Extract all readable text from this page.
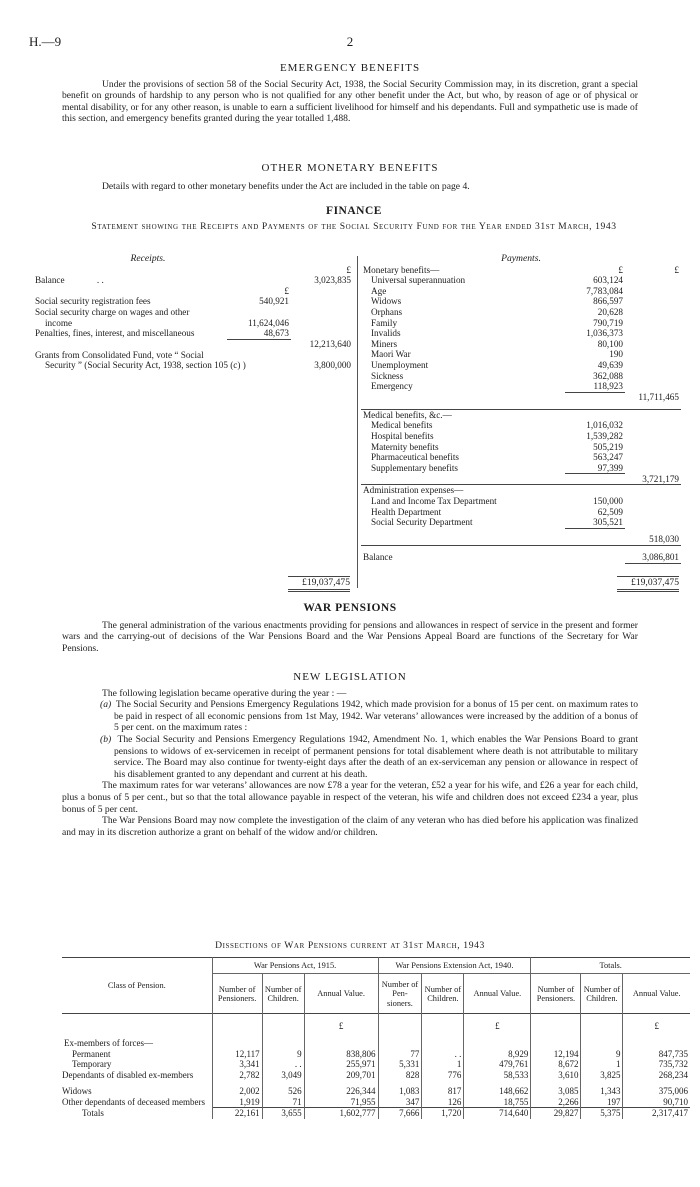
H.—9	2
EMERGENCY BENEFITS

Under the provisions of section 58 of the Social Security Act, 1938, the Social Security Commission may, in its discretion, grant a special benefit on grounds of hardship to any person who is not qualified for any other benefit under the Act, but who, by reason of age or of physical or mental disability, or for any other reason, is unable to earn a sufficient livelihood for himself and his dependants. Full and sympathetic use is made of this section, and emergency benefits granted during the year totalled 1,488.

OTHER MONETARY BENEFITS

Details with regard to other monetary benefits under the Act are included in the table on page 4.

FINANCE
Statement showing the Receipts and Payments of the Social Security Fund for the Year ended 31st March, 1943
Receipts.
		£
Balance . .		3,023,835
	£	
Social security registration fees	540,921	

Social security charge on wages and other
income	11,624,046	
Penalties, fines, interest, and miscellaneous	48,673	
		12,213,640

Grants from Consolidated Fund, vote “ Social
Security ” (Social Security Act, 1938, section 105 (c) )		3,800,000
£19,037,475
Payments.
Monetary benefits—	£	£
Universal superannuation	603,124	
Age	7,783,084	
Widows	866,597	
Orphans	20,628	
Family	790,719	
Invalids	1,036,373	
Miners	80,100	
Maori War	190	
Unemployment	49,639	
Sickness	362,088	
Emergency	118,923	
		11,711,465

Medical benefits, &c.—		
Medical benefits	1,016,032	
Hospital benefits	1,539,282	
Maternity benefits	505,219	
Pharmaceutical benefits	563,247	
Supplementary benefits	97,399	
		3,721,179
Administration expenses—		
Land and Income Tax Department	150,000	
Health Department	62,509	
Social Security Department	305,521	
		518,030

Balance		3,086,801
£19,037,475
WAR PENSIONS

The general administration of the various enactments providing for pensions and allowances in respect of service in the present and former wars and the carrying-out of decisions of the War Pensions Board and the War Pensions Appeal Board are functions of the Secretary for War Pensions.

NEW LEGISLATION

The following legislation became operative during the year : —

(a) The Social Security and Pensions Emergency Regulations 1942, which made provision for a bonus of 15 per cent. on maximum rates to be paid in respect of all economic pensions from 1st May, 1942. War veterans’ allowances were increased by the addition of a bonus of 5 per cent. on the maximum rates :
(b) The Social Security and Pensions Emergency Regulations 1942, Amendment No. 1, which enables the War Pensions Board to grant pensions to widows of ex-servicemen in receipt of permanent pensions for total disablement where death is not attributable to military service. The Board may also continue for twenty-eight days after the death of an ex-serviceman any pension or allowance in respect of his disablement granted to any dependant and current at his death.

The maximum rates for war veterans’ allowances are now £78 a year for the veteran, £52 a year for his wife, and £26 a year for each child, plus a bonus of 5 per cent., but so that the total allowance payable in respect of the veteran, his wife and children does not exceed £234 a year, plus bonus of 5 per cent.

The War Pensions Board may now complete the investigation of the claim of any veteran who has died before his application was finalized and may in its discretion authorize a grant on behalf of the widow and/or children.

Dissections of War Pensions current at 31st March, 1943
Class of Pension.	War Pensions Act, 1915.			War Pensions Extension Act, 1940.			Totals.		
	Number of Pensioners.	Number of Children.	Annual Value.	Number of Pen-sioners.	Number of Children.	Annual Value.	Number of Pensioners.	Number of Children.	Annual Value.
			£			£			£
Ex-members of forces—									
Permanent	12,117	9	838,806	77	. .	8,929	12,194	9	847,735
Temporary	3,341	. .	255,971	5,331	1	479,761	8,672	1	735,732
Dependants of disabled ex-members	2,782	3,049	209,701	828	776	58,533	3,610	3,825	268,234
Widows	2,002	526	226,344	1,083	817	148,662	3,085	1,343	375,006
Other dependants of deceased members	1,919	71	71,955	347	126	18,755	2,266	197	90,710
Totals	22,161	3,655	1,602,777	7,666	1,720	714,640	29,827	5,375	2,317,417
